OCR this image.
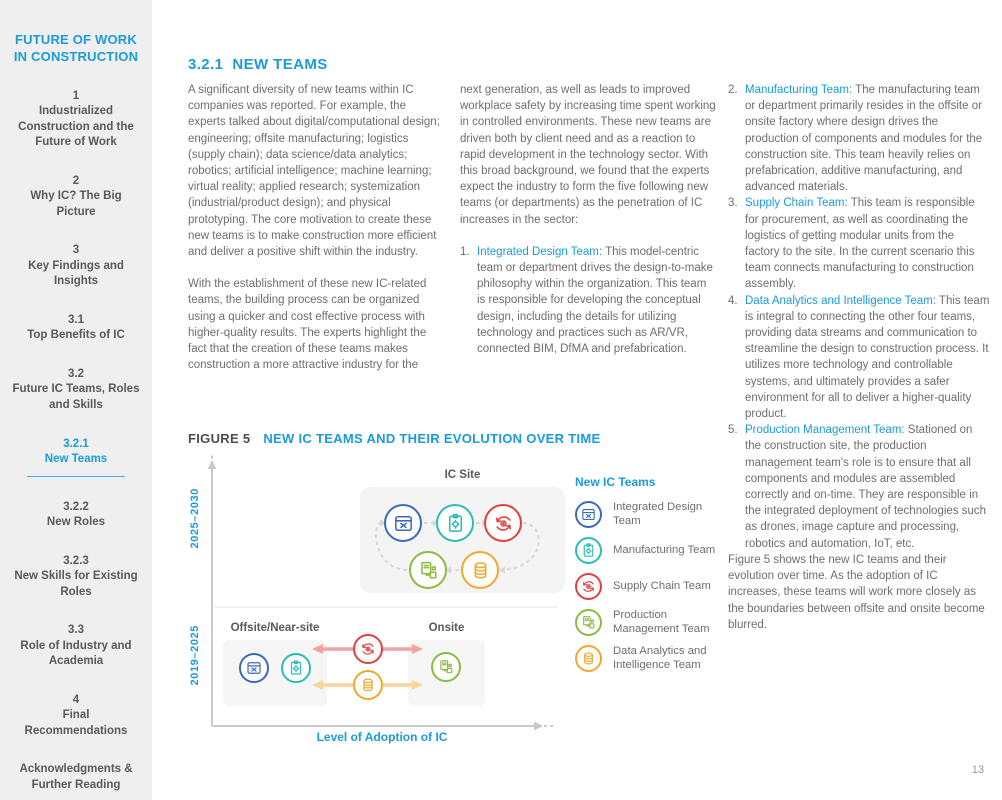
FUTURE OF WORK IN CONSTRUCTION
1
Industrialized Construction and the Future of Work
2
Why IC? The Big Picture
3
Key Findings and Insights
3.1
Top Benefits of IC
3.2
Future IC Teams, Roles and Skills
3.2.1
New Teams
3.2.2
New Roles
3.2.3
New Skills for Existing Roles
3.3
Role of Industry and Academia
4
Final Recommendations
Acknowledgments & Further Reading
3.2.1 NEW TEAMS

A significant diversity of new teams within IC companies was reported. For example, the experts talked about digital/computational design; engineering; offsite manufacturing; logistics (supply chain); data science/data analytics; robotics; artificial intelligence; machine learning; virtual reality; applied research; systemization (industrial/product design); and physical prototyping. The core motivation to create these new teams is to make construction more efficient and deliver a positive shift within the industry.

With the establishment of these new IC-related teams, the building process can be organized using a quicker and cost effective process with higher-quality results. The experts highlight the fact that the creation of these teams makes construction a more attractive industry for the

next generation, as well as leads to improved workplace safety by increasing time spent working in controlled environments. These new teams are driven both by client need and as a reaction to rapid development in the technology sector. With this broad background, we found that the experts expect the industry to form the five following new teams (or departments) as the penetration of IC increases in the sector:

1. Integrated Design Team: This model-centric team or department drives the design-to-make philosophy within the organization. This team is responsible for developing the conceptual design, including the details for utilizing technology and practices such as AR/VR, connected BIM, DfMA and prefabrication.
2. Manufacturing Team: The manufacturing team or department primarily resides in the offsite or onsite factory where design drives the production of components and modules for the construction site. This team heavily relies on prefabrication, additive manufacturing, and advanced materials.
3. Supply Chain Team: This team is responsible for procurement, as well as coordinating the logistics of getting modular units from the factory to the site. In the current scenario this team connects manufacturing to construction assembly.
4. Data Analytics and Intelligence Team: This team is integral to connecting the other four teams, providing data streams and communication to streamline the design to construction process. It utilizes more technology and controllable systems, and ultimately provides a safer environment for all to deliver a higher-quality product.
5. Production Management Team: Stationed on the construction site, the production management team's role is to ensure that all components and modules are assembled correctly and on-time. They are responsible in the integrated deployment of technologies such as drones, image capture and processing, robotics and automation, IoT, etc.

Figure 5 shows the new IC teams and their evolution over time. As the adoption of IC increases, these teams will work more closely as the boundaries between offsite and onsite become blurred.

FIGURE 5 NEW IC TEAMS AND THEIR EVOLUTION OVER TIME
IC Site
Offsite/Near-site	Onsite
2025–2030
2019–2025
Level of Adoption of IC
New IC Teams
Integrated Design Team
Manufacturing Team
Supply Chain Team
Production Management Team
Data Analytics and Intelligence Team
13
